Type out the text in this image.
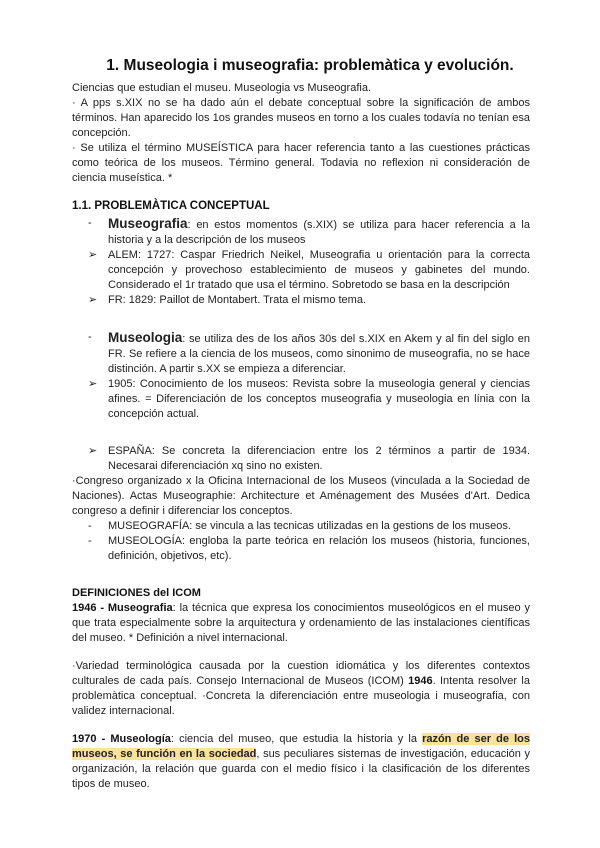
1. Museologia i museografia: problemàtica y evolución.

Ciencias que estudian el museu. Museologia vs Museografia.

· A pps s.XIX no se ha dado aún el debate conceptual sobre la significación de ambos términos. Han aparecido los 1os grandes museos en torno a los cuales todavía no tenían esa concepción.

· Se utiliza el término MUSEÍSTICA para hacer referencia tanto a las cuestiones prácticas como teórica de los museos. Término general. Todavia no reflexion ni consideración de ciencia museística. *

1.1. PROBLEMÀTICA CONCEPTUAL
-	Museografia: en estos momentos (s.XIX) se utiliza para hacer referencia a la historia y a la descripción de los museos
➢ ALEM: 1727: Caspar Friedrich Neikel, Museografia u orientación para la correcta concepción y provechoso establecimiento de museos y gabinetes del mundo. Considerado el 1r tratado que usa el término. Sobretodo se basa en la descripción
➢ FR: 1829: Paillot de Montabert. Trata el mismo tema.
-	Museologia: se utiliza des de los años 30s del s.XIX en Akem y al fin del siglo en FR. Se refiere a la ciencia de los museos, como sinonimo de museografia, no se hace distinción. A partir s.XX se empieza a diferenciar.
➢ 1905: Conocimiento de los museos: Revista sobre la museologia general y ciencias afines. = Diferenciación de los conceptos museografia y museologia en línia con la concepción actual.
➢ ESPAÑA: Se concreta la diferenciacion entre los 2 términos a partir de 1934. Necesarai diferenciación xq sino no existen.

·Congreso organizado x la Oficina Internacional de los Museos (vinculada a la Sociedad de Naciones). Actas Museographie: Architecture et Aménagement des Musées d'Art. Dedica congreso a definir i diferenciar los conceptos.

-	MUSEOGRAFÍA: se vincula a las tecnicas utilizadas en la gestions de los museos.
-	MUSEOLOGÍA: engloba la parte teórica en relación los museos (historia, funciones, definición, objetivos, etc).
DEFINICIONES del ICOM

1946 - Museografia: la técnica que expresa los conocimientos museológicos en el museo y que trata especialmente sobre la arquitectura y ordenamiento de las instalaciones científicas del museo. * Definición a nivel internacional.

·Variedad terminológica causada por la cuestion idiomática y los diferentes contextos culturales de cada país. Consejo Internacional de Museos (ICOM) 1946. Intenta resolver la problemàtica conceptual. ·Concreta la diferenciación entre museologia i museografia, con validez internacional.

1970 - Museología: ciencia del museo, que estudia la historia y la razón de ser de los museos, se función en la sociedad, sus peculiares sistemas de investigación, educación y organización, la relación que guarda con el medio físico i la clasificación de los diferentes tipos de museo.
